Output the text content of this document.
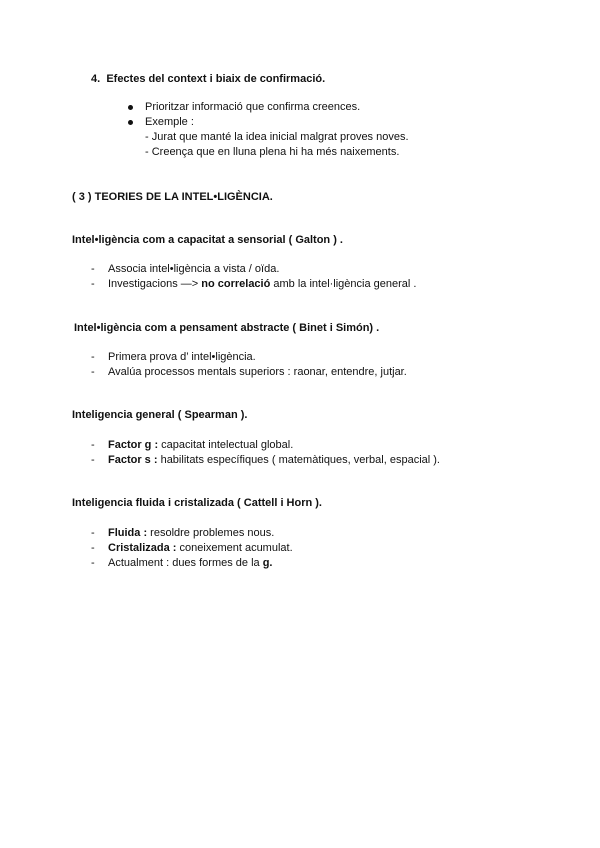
4. Efectes del context i biaix de confirmació.
Prioritzar informació que confirma creences.
Exemple :
- Jurat que manté la idea inicial malgrat proves noves.
- Creença que en lluna plena hi ha més naixements.
( 3 ) TEORIES DE LA INTEL•LIGÈNCIA.
Intel•ligència com a capacitat a sensorial ( Galton ) .
- Associa intel•ligència a vista / oïda.
- Investigacions —> no correlació amb la intel·ligència general .
Intel•ligència com a pensament abstracte ( Binet i Simón) .
- Primera prova d’ intel•ligència.
- Avalúa processos mentals superiors : raonar, entendre, jutjar.
Inteligencia general ( Spearman ).
- Factor g : capacitat intelectual global.
- Factor s : habilitats específiques ( matemàtiques, verbal, espacial ).
Inteligencia fluida i cristalizada ( Cattell i Horn ).
- Fluida : resoldre problemes nous.
- Cristalizada : coneixement acumulat.
- Actualment : dues formes de la g.
